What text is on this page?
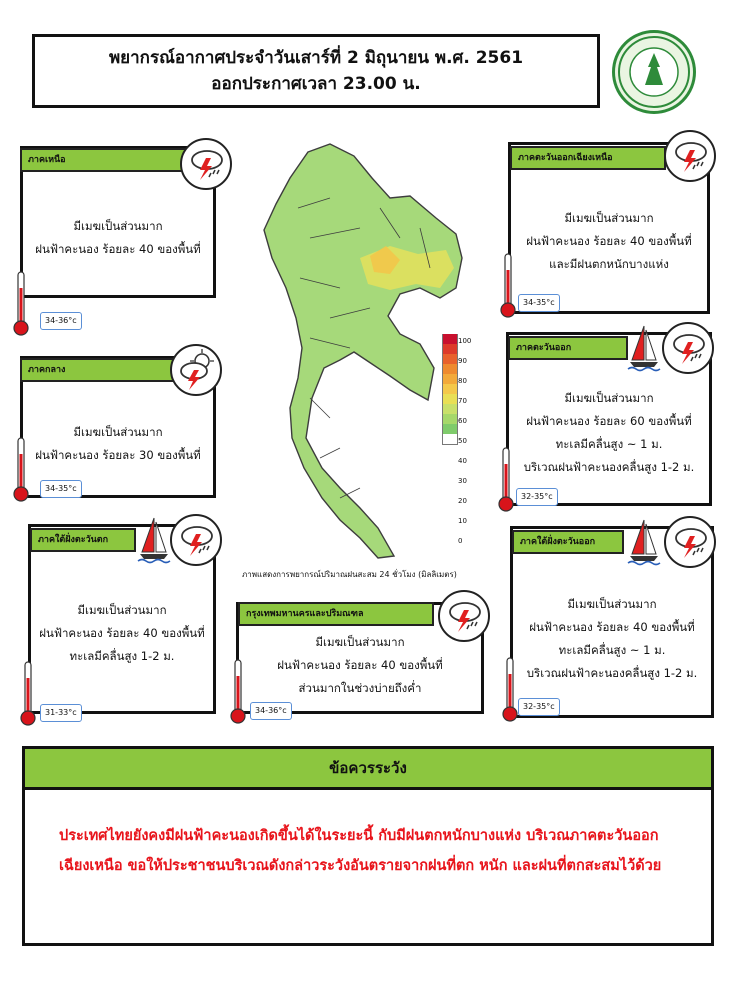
พยากรณ์อากาศประจำวันเสาร์ที่ 2 มิถุนายน พ.ศ. 2561
ออกประกาศเวลา 23.00 น.
มีเมฆเป็นส่วนมาก
ฝนฟ้าคะนอง ร้อยละ 40 ของพื้นที่
ภาคเหนือ
34-36°c
มีเมฆเป็นส่วนมาก
ฝนฟ้าคะนอง ร้อยละ 30 ของพื้นที่
ภาคกลาง
34-35°c
มีเมฆเป็นส่วนมาก
ฝนฟ้าคะนอง ร้อยละ 40 ของพื้นที่
ทะเลมีคลื่นสูง 1-2 ม.
ภาคใต้ฝั่งตะวันตก
31-33°c
100
90
80
70
60
50
40
30
20
10
0
ภาพแสดงการพยากรณ์ปริมาณฝนสะสม 24 ชั่วโมง (มิลลิเมตร)
มีเมฆเป็นส่วนมาก
ฝนฟ้าคะนอง ร้อยละ 40 ของพื้นที่
และมีฝนตกหนักบางแห่ง
ภาคตะวันออกเฉียงเหนือ
34-35°c
มีเมฆเป็นส่วนมาก
ฝนฟ้าคะนอง ร้อยละ 60 ของพื้นที่
ทะเลมีคลื่นสูง ~ 1 ม.
บริเวณฝนฟ้าคะนองคลื่นสูง 1-2 ม.
ภาคตะวันออก
32-35°c
มีเมฆเป็นส่วนมาก
ฝนฟ้าคะนอง ร้อยละ 40 ของพื้นที่
ส่วนมากในช่วงบ่ายถึงค่ำ
กรุงเทพมหานครและปริมณฑล
34-36°c
มีเมฆเป็นส่วนมาก
ฝนฟ้าคะนอง ร้อยละ 40 ของพื้นที่
ทะเลมีคลื่นสูง ~ 1 ม.
บริเวณฝนฟ้าคะนองคลื่นสูง 1-2 ม.
ภาคใต้ฝั่งตะวันออก
32-35°c
ข้อควรระวัง
ประเทศไทยยังคงมีฝนฟ้าคะนองเกิดขึ้นได้ในระยะนี้ กับมีฝนตกหนักบางแห่ง บริเวณภาคตะวันออกเฉียงเหนือ ขอให้ประชาชนบริเวณดังกล่าวระวังอันตรายจากฝนที่ตก หนัก และฝนที่ตกสะสมไว้ด้วย
